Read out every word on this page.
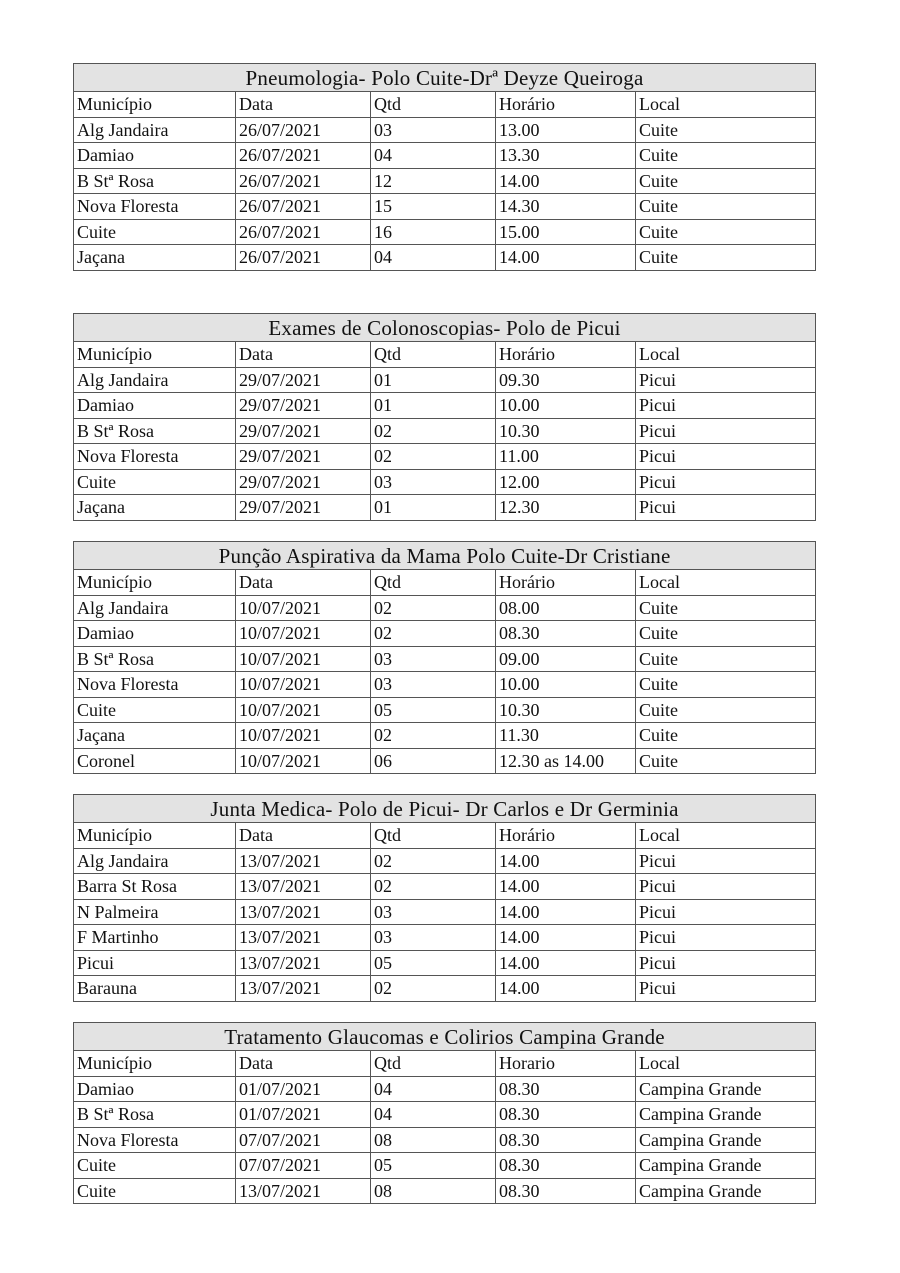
Pneumologia- Polo Cuite-Drª Deyze Queiroga				
Município	Data	Qtd	Horário	Local
Alg Jandaira	26/07/2021	03	13.00	Cuite
Damiao	26/07/2021	04	13.30	Cuite
B Stª Rosa	26/07/2021	12	14.00	Cuite
Nova Floresta	26/07/2021	15	14.30	Cuite
Cuite	26/07/2021	16	15.00	Cuite
Jaçana	26/07/2021	04	14.00	Cuite
Exames de Colonoscopias- Polo de Picui				
Município	Data	Qtd	Horário	Local
Alg Jandaira	29/07/2021	01	09.30	Picui
Damiao	29/07/2021	01	10.00	Picui
B Stª Rosa	29/07/2021	02	10.30	Picui
Nova Floresta	29/07/2021	02	11.00	Picui
Cuite	29/07/2021	03	12.00	Picui
Jaçana	29/07/2021	01	12.30	Picui
Punção Aspirativa da Mama Polo Cuite-Dr Cristiane				
Município	Data	Qtd	Horário	Local
Alg Jandaira	10/07/2021	02	08.00	Cuite
Damiao	10/07/2021	02	08.30	Cuite
B Stª Rosa	10/07/2021	03	09.00	Cuite
Nova Floresta	10/07/2021	03	10.00	Cuite
Cuite	10/07/2021	05	10.30	Cuite
Jaçana	10/07/2021	02	11.30	Cuite
Coronel	10/07/2021	06	12.30 as 14.00	Cuite
Junta Medica- Polo de Picui- Dr Carlos e Dr Germinia				
Município	Data	Qtd	Horário	Local
Alg Jandaira	13/07/2021	02	14.00	Picui
Barra St Rosa	13/07/2021	02	14.00	Picui
N Palmeira	13/07/2021	03	14.00	Picui
F Martinho	13/07/2021	03	14.00	Picui
Picui	13/07/2021	05	14.00	Picui
Barauna	13/07/2021	02	14.00	Picui
Tratamento Glaucomas e Colirios Campina Grande				
Município	Data	Qtd	Horario	Local
Damiao	01/07/2021	04	08.30	Campina Grande
B Stª Rosa	01/07/2021	04	08.30	Campina Grande
Nova Floresta	07/07/2021	08	08.30	Campina Grande
Cuite	07/07/2021	05	08.30	Campina Grande
Cuite	13/07/2021	08	08.30	Campina Grande
